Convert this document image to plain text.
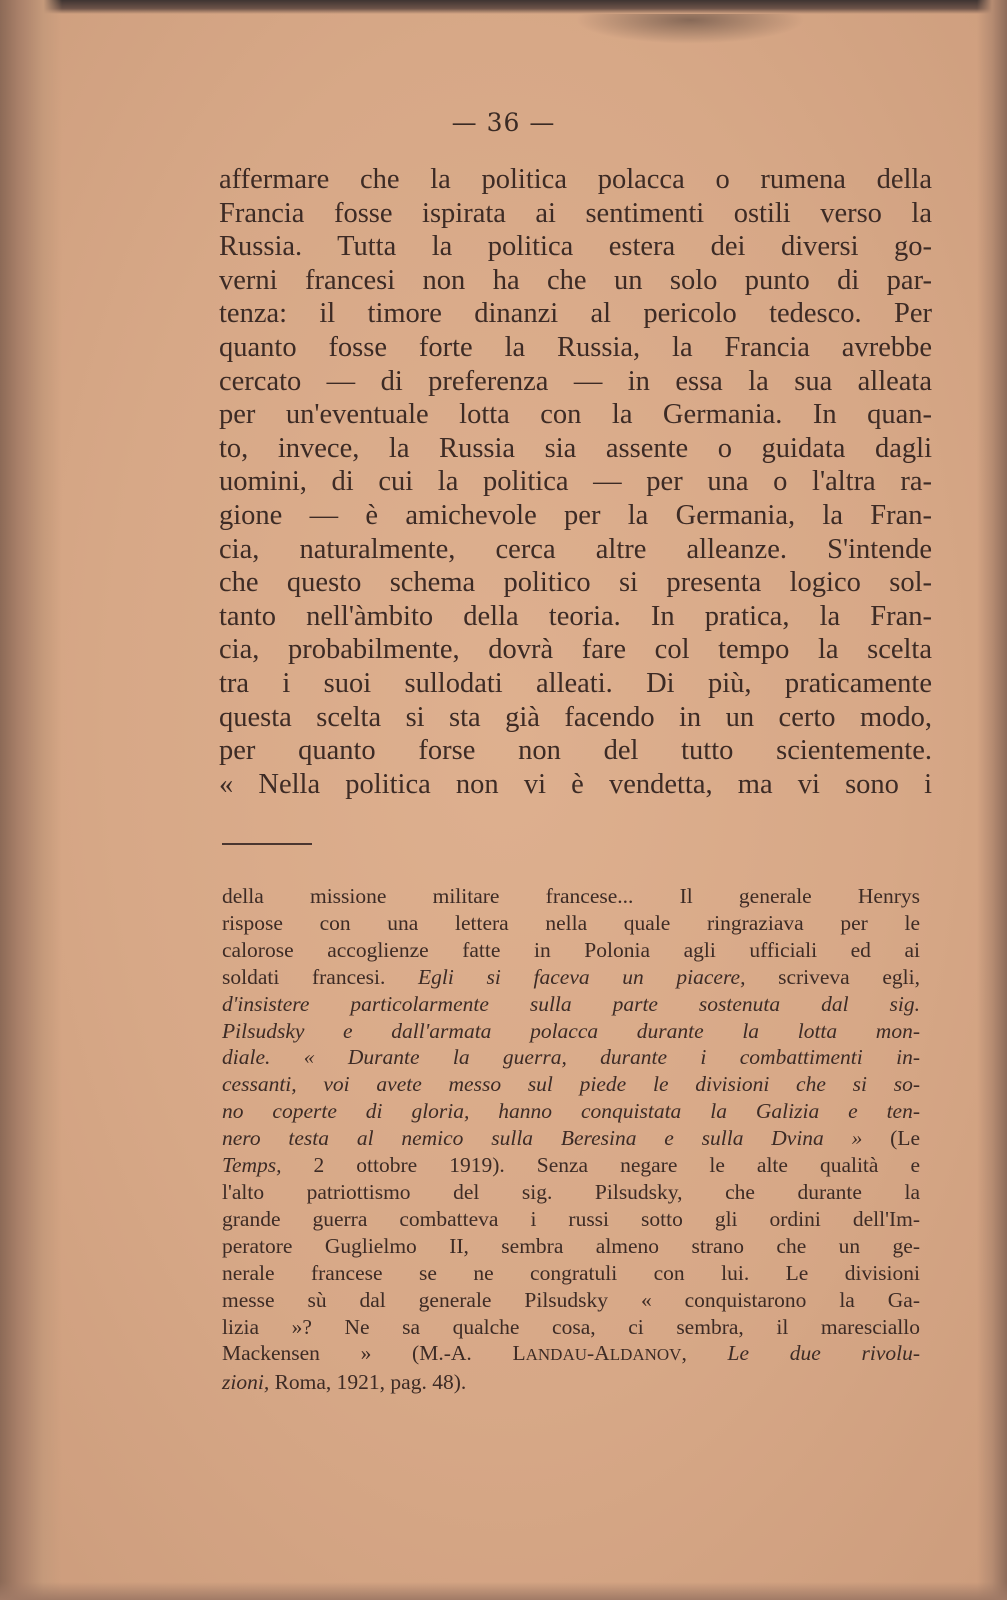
— 36 —
affermare che la politica polacca o rumena della
Francia fosse ispirata ai sentimenti ostili verso la
Russia. Tutta la politica estera dei diversi go-
verni francesi non ha che un solo punto di par-
tenza: il timore dinanzi al pericolo tedesco. Per
quanto fosse forte la Russia, la Francia avrebbe
cercato — di preferenza — in essa la sua alleata
per un'eventuale lotta con la Germania. In quan-
to, invece, la Russia sia assente o guidata dagli
uomini, di cui la politica — per una o l'altra ra-
gione — è amichevole per la Germania, la Fran-
cia, naturalmente, cerca altre alleanze. S'intende
che questo schema politico si presenta logico sol-
tanto nell'àmbito della teoria. In pratica, la Fran-
cia, probabilmente, dovrà fare col tempo la scelta
tra i suoi sullodati alleati. Di più, praticamente
questa scelta si sta già facendo in un certo modo,
per quanto forse non del tutto scientemente.
« Nella politica non vi è vendetta, ma vi sono i
della missione militare francese... Il generale Henrys
rispose con una lettera nella quale ringraziava per le
calorose accoglienze fatte in Polonia agli ufficiali ed ai
soldati francesi. Egli si faceva un piacere, scriveva egli,
d'insistere particolarmente sulla parte sostenuta dal sig.
Pilsudsky e dall'armata polacca durante la lotta mon-
diale. « Durante la guerra, durante i combattimenti in-
cessanti, voi avete messo sul piede le divisioni che si so-
no coperte di gloria, hanno conquistata la Galizia e ten-
nero testa al nemico sulla Beresina e sulla Dvina » (Le
Temps, 2 ottobre 1919). Senza negare le alte qualità e
l'alto patriottismo del sig. Pilsudsky, che durante la
grande guerra combatteva i russi sotto gli ordini dell'Im-
peratore Guglielmo II, sembra almeno strano che un ge-
nerale francese se ne congratuli con lui. Le divisioni
messe sù dal generale Pilsudsky « conquistarono la Ga-
lizia »? Ne sa qualche cosa, ci sembra, il maresciallo
Mackensen » (M.-A. LANDAU-ALDANOV, Le due rivolu-
zioni, Roma, 1921, pag. 48).
